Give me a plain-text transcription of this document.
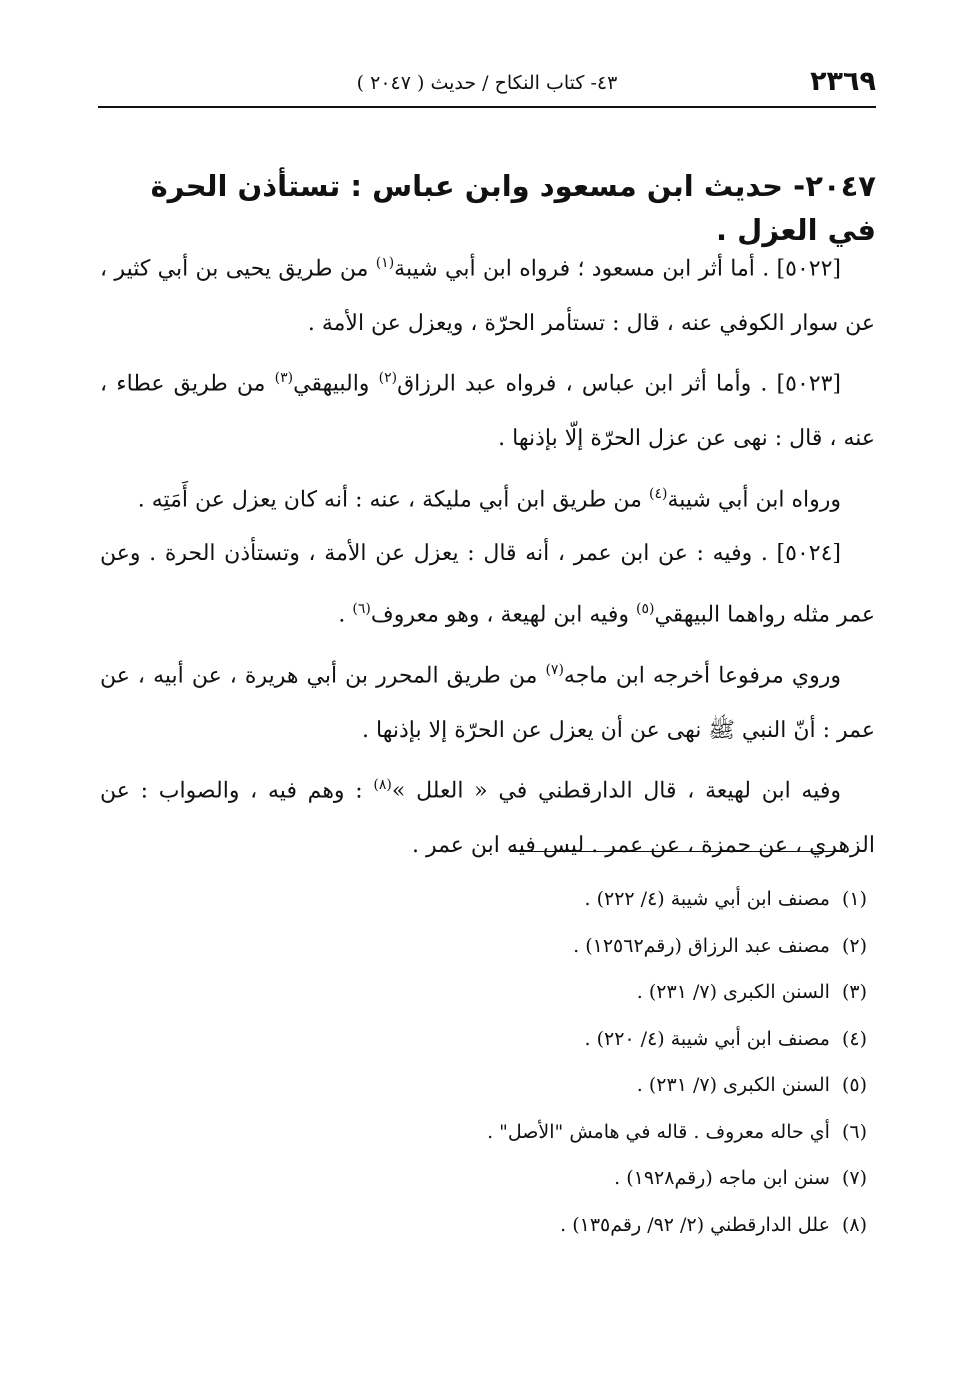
٢٣٦٩
٤٣- كتاب النكاح / حديث ( ٢٠٤٧ )
٢٠٤٧- حديث ابن مسعود وابن عباس : تستأذن الحرة في العزل .

[٥٠٢٢] . أما أثر ابن مسعود ؛ فرواه ابن أبي شيبة$^{(١)}$ من طريق يحيى بن أبي كثير ، عن سوار الكوفي عنه ، قال : تستأمر الحرّة ، ويعزل عن الأمة .

[٥٠٢٣] . وأما أثر ابن عباس ، فرواه عبد الرزاق$^{(٢)}$ والبيهقي$^{(٣)}$ من طريق عطاء ، عنه ، قال : نهى عن عزل الحرّة إلّا بإذنها .

ورواه ابن أبي شيبة$^{(٤)}$ من طريق ابن أبي مليكة ، عنه : أنه كان يعزل عن أَمَتِه .

[٥٠٢٤] . وفيه : عن ابن عمر ، أنه قال : يعزل عن الأمة ، وتستأذن الحرة . وعن عمر مثله رواهما البيهقي$^{(٥)}$ وفيه ابن لهيعة ، وهو معروف$^{(٦)}$ .

وروي مرفوعا أخرجه ابن ماجه$^{(٧)}$ من طريق المحرر بن أبي هريرة ، عن أبيه ، عن عمر : أنّ النبي ﷺ نهى عن أن يعزل عن الحرّة إلا بإذنها .

وفيه ابن لهيعة ، قال الدارقطني في « العلل »$^{(٨)}$ : وهم فيه ، والصواب : عن الزهري ، عن حمزة ، عن عمر . ليس فيه ابن عمر .

(١)مصنف ابن أبي شيبة (٤/ ٢٢٢) .
(٢)مصنف عبد الرزاق (رقم١٢٥٦٢) .
(٣)السنن الكبرى (٧/ ٢٣١) .
(٤)مصنف ابن أبي شيبة (٤/ ٢٢٠) .
(٥)السنن الكبرى (٧/ ٢٣١) .
(٦)أي حاله معروف . قاله في هامش "الأصل" .
(٧)سنن ابن ماجه (رقم١٩٢٨) .
(٨)علل الدارقطني (٢/ ٩٢/ رقم١٣٥) .
